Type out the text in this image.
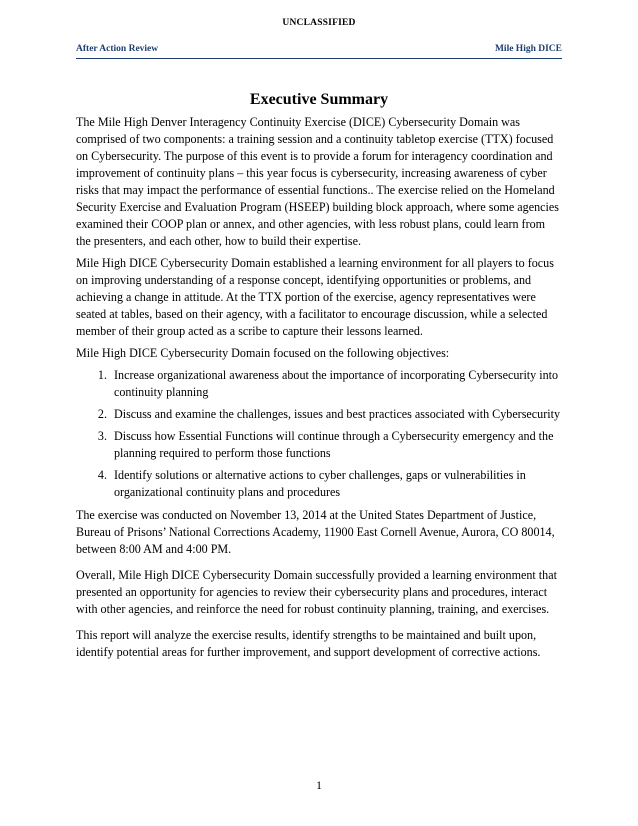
UNCLASSIFIED
After Action Review	Mile High DICE
Executive Summary

The Mile High Denver Interagency Continuity Exercise (DICE) Cybersecurity Domain was comprised of two components: a training session and a continuity tabletop exercise (TTX) focused on Cybersecurity. The purpose of this event is to provide a forum for interagency coordination and improvement of continuity plans – this year focus is cybersecurity, increasing awareness of cyber risks that may impact the performance of essential functions.. The exercise relied on the Homeland Security Exercise and Evaluation Program (HSEEP) building block approach, where some agencies examined their COOP plan or annex, and other agencies, with less robust plans, could learn from the presenters, and each other, how to build their expertise.

Mile High DICE Cybersecurity Domain established a learning environment for all players to focus on improving understanding of a response concept, identifying opportunities or problems, and achieving a change in attitude. At the TTX portion of the exercise, agency representatives were seated at tables, based on their agency, with a facilitator to encourage discussion, while a selected member of their group acted as a scribe to capture their lessons learned.

Mile High DICE Cybersecurity Domain focused on the following objectives:

1. Increase organizational awareness about the importance of incorporating Cybersecurity into continuity planning
2. Discuss and examine the challenges, issues and best practices associated with Cybersecurity
3. Discuss how Essential Functions will continue through a Cybersecurity emergency and the planning required to perform those functions
4. Identify solutions or alternative actions to cyber challenges, gaps or vulnerabilities in organizational continuity plans and procedures

The exercise was conducted on November 13, 2014 at the United States Department of Justice, Bureau of Prisons’ National Corrections Academy, 11900 East Cornell Avenue, Aurora, CO 80014, between 8:00 AM and 4:00 PM.

Overall, Mile High DICE Cybersecurity Domain successfully provided a learning environment that presented an opportunity for agencies to review their cybersecurity plans and procedures, interact with other agencies, and reinforce the need for robust continuity planning, training, and exercises.

This report will analyze the exercise results, identify strengths to be maintained and built upon, identify potential areas for further improvement, and support development of corrective actions.

1
